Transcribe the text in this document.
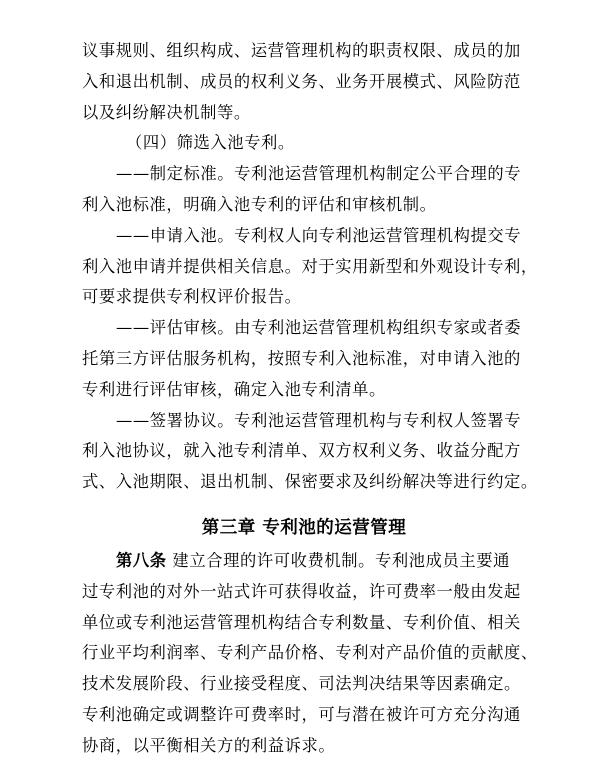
议事规则、组织构成、运营管理机构的职责权限、成员的加
入和退出机制、成员的权利义务、业务开展模式、风险防范
以及纠纷解决机制等。
（四）筛选入池专利。
——制定标准。专利池运营管理机构制定公平合理的专
利入池标准，明确入池专利的评估和审核机制。
——申请入池。专利权人向专利池运营管理机构提交专
利入池申请并提供相关信息。对于实用新型和外观设计专利，
可要求提供专利权评价报告。
——评估审核。由专利池运营管理机构组织专家或者委
托第三方评估服务机构，按照专利入池标准，对申请入池的
专利进行评估审核，确定入池专利清单。
——签署协议。专利池运营管理机构与专利权人签署专
利入池协议，就入池专利清单、双方权利义务、收益分配方
式、入池期限、退出机制、保密要求及纠纷解决等进行约定。
第三章 专利池的运营管理
第八条 建立合理的许可收费机制。专利池成员主要通
过专利池的对外一站式许可获得收益，许可费率一般由发起
单位或专利池运营管理机构结合专利数量、专利价值、相关
行业平均利润率、专利产品价格、专利对产品价值的贡献度、
技术发展阶段、行业接受程度、司法判决结果等因素确定。
专利池确定或调整许可费率时，可与潜在被许可方充分沟通
协商，以平衡相关方的利益诉求。
